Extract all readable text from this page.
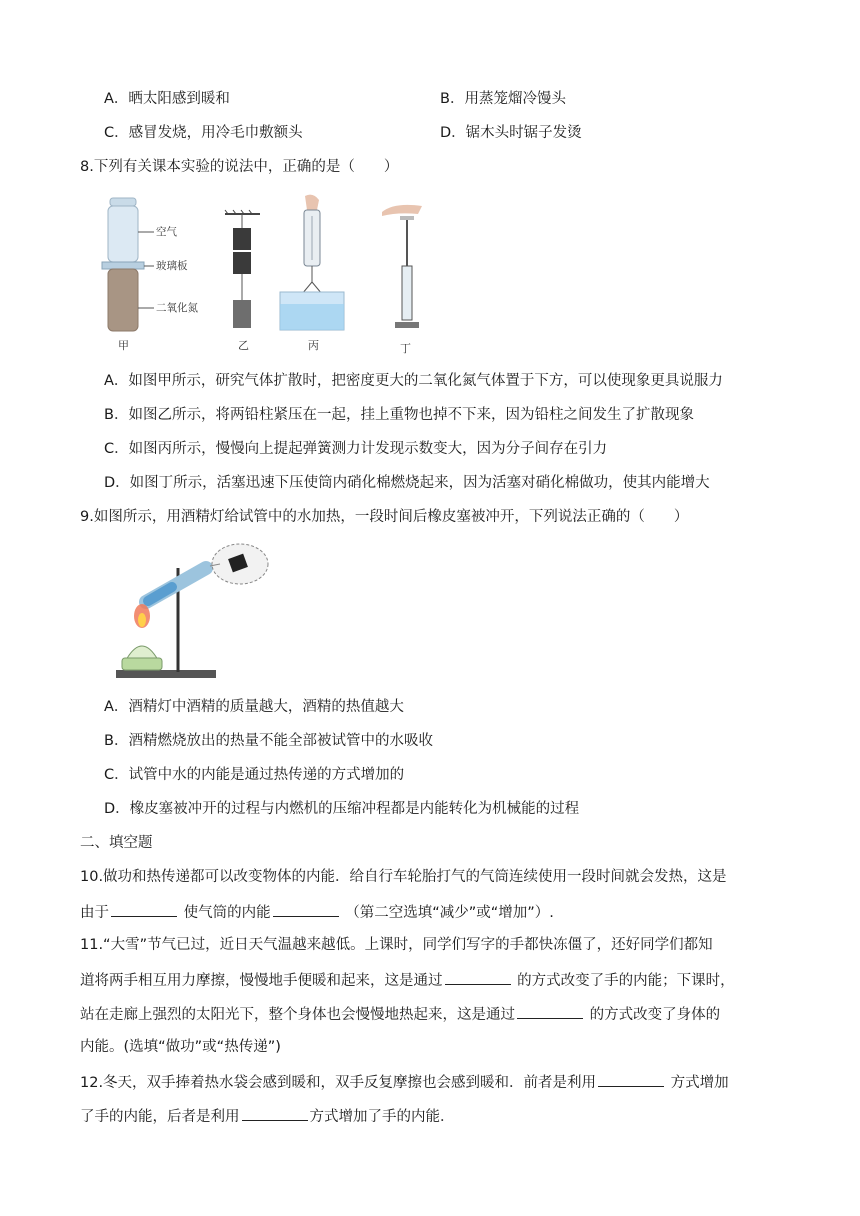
A．晒太阳感到暖和	B．用蒸笼熘冷馒头
C．感冒发烧，用冷毛巾敷额头	D．锯木头时锯子发烫
8.下列有关课本实验的说法中，正确的是（　　）
空气
玻璃板
二氧化氮
甲	乙	丙	丁
A．如图甲所示，研究气体扩散时，把密度更大的二氧化氮气体置于下方，可以使现象更具说服力
B．如图乙所示，将两铅柱紧压在一起，挂上重物也掉不下来，因为铅柱之间发生了扩散现象
C．如图丙所示，慢慢向上提起弹簧测力计发现示数变大，因为分子间存在引力
D．如图丁所示，活塞迅速下压使筒内硝化棉燃烧起来，因为活塞对硝化棉做功，使其内能增大
9.如图所示，用酒精灯给试管中的水加热，一段时间后橡皮塞被冲开，下列说法正确的（　　）
A．酒精灯中酒精的质量越大，酒精的热值越大
B．酒精燃烧放出的热量不能全部被试管中的水吸收
C．试管中水的内能是通过热传递的方式增加的
D．橡皮塞被冲开的过程与内燃机的压缩冲程都是内能转化为机械能的过程
二、填空题
10.做功和热传递都可以改变物体的内能．给自行车轮胎打气的气筒连续使用一段时间就会发热，这是
由于	使气筒的内能	（第二空选填“减少”或“增加”）.
11.“大雪”节气已过，近日天气温越来越低。上课时，同学们写字的手都快冻僵了，还好同学们都知
道将两手相互用力摩擦，慢慢地手便暖和起来，这是通过	的方式改变了手的内能；下课时，
站在走廊上强烈的太阳光下，整个身体也会慢慢地热起来，这是通过	的方式改变了身体的
内能。(选填“做功”或“热传递”)
12.冬天，双手捧着热水袋会感到暖和，双手反复摩擦也会感到暖和．前者是利用	方式增加
了手的内能，后者是利用	方式增加了手的内能．
